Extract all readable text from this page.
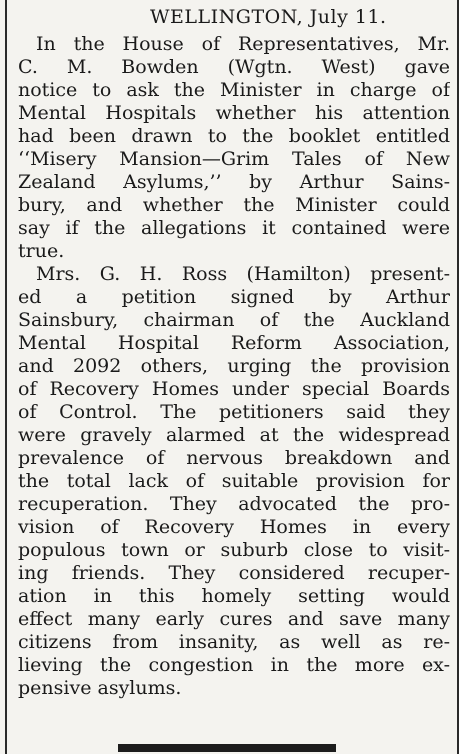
WELLINGTON, July 11.
In the House of Representatives, Mr.
C. M. Bowden (Wgtn. West) gave
notice to ask the Minister in charge of
Mental Hospitals whether his attention
had been drawn to the booklet entitled
‘‘Misery Mansion—Grim Tales of New
Zealand Asylums,’’ by Arthur Sains-
bury, and whether the Minister could
say if the allegations it contained were
true.
Mrs. G. H. Ross (Hamilton) present-
ed a petition signed by Arthur
Sainsbury, chairman of the Auckland
Mental Hospital Reform Association,
and 2092 others, urging the provision
of Recovery Homes under special Boards
of Control. The petitioners said they
were gravely alarmed at the widespread
prevalence of nervous breakdown and
the total lack of suitable provision for
recuperation. They advocated the pro-
vision of Recovery Homes in every
populous town or suburb close to visit-
ing friends. They considered recuper-
ation in this homely setting would
effect many early cures and save many
citizens from insanity, as well as re-
lieving the congestion in the more ex-
pensive asylums.
